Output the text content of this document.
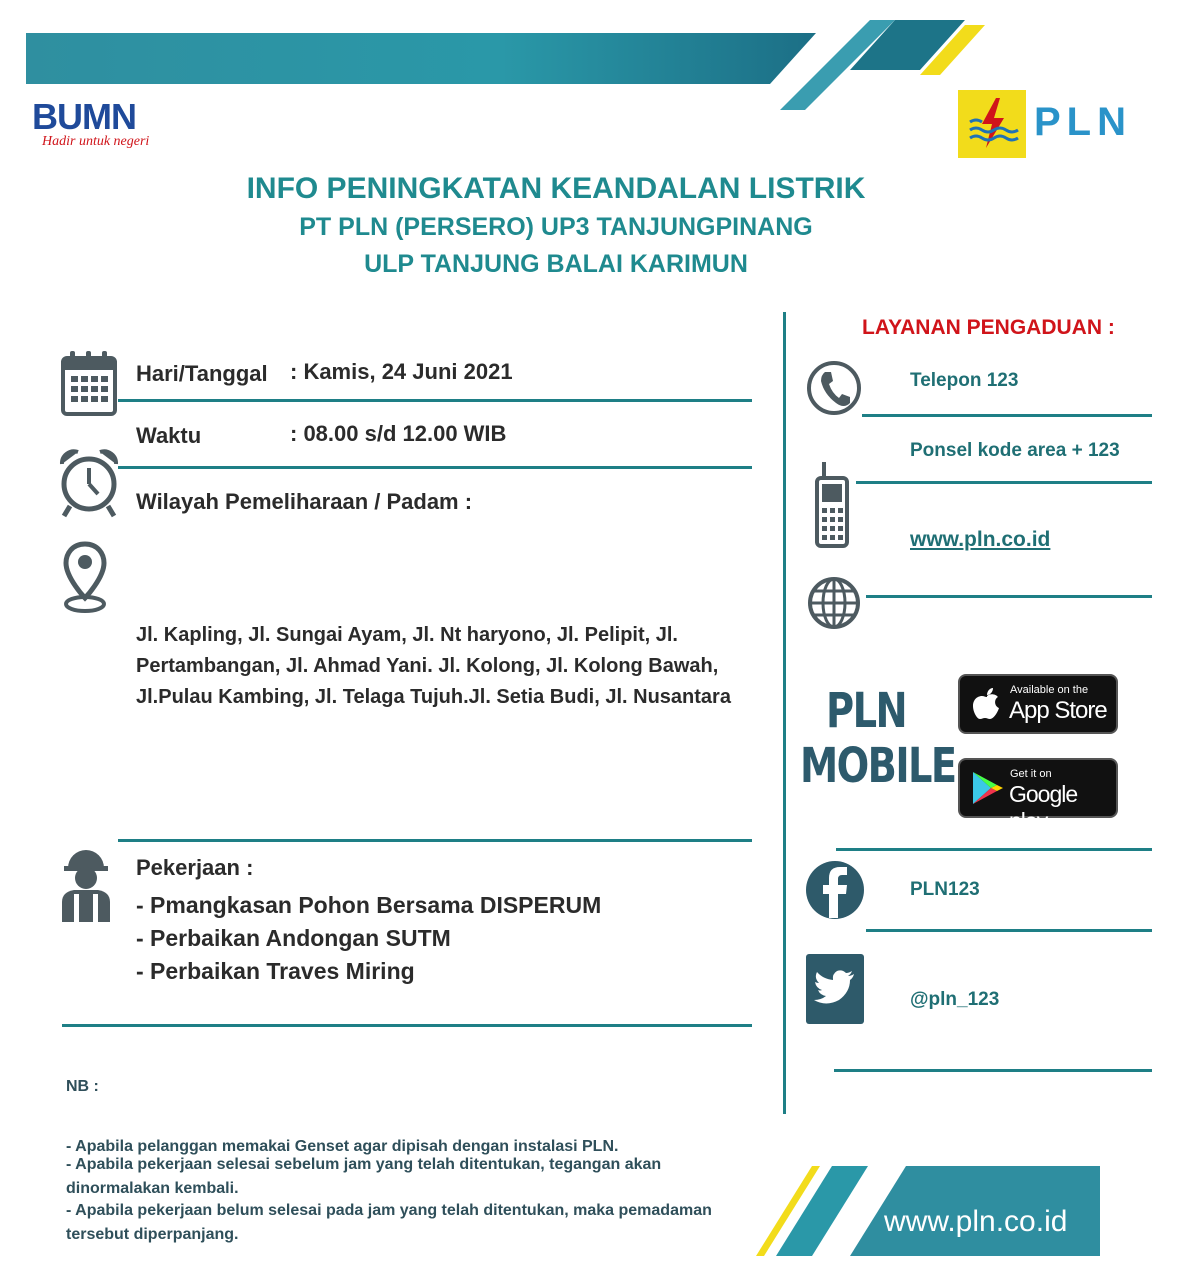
BUMN
Hadir untuk negeri	PLN
INFO PENINGKATAN KEANDALAN LISTRIK
PT PLN (PERSERO) UP3 TANJUNGPINANG
ULP TANJUNG BALAI KARIMUN
Hari/Tanggal : Kamis, 24 Juni 2021
Waktu	: 08.00 s/d 12.00 WIB
Wilayah Pemeliharaan / Padam :
Jl. Kapling, Jl. Sungai Ayam, Jl. Nt haryono, Jl. Pelipit, Jl.
Pertambangan, Jl. Ahmad Yani. Jl. Kolong, Jl. Kolong Bawah,
Jl.Pulau Kambing, Jl. Telaga Tujuh.Jl. Setia Budi, Jl. Nusantara
Pekerjaan :
- Pmangkasan Pohon Bersama DISPERUM
- Perbaikan Andongan SUTM
- Perbaikan Traves Miring
NB :
- Apabila pelanggan memakai Genset agar dipisah dengan instalasi PLN.
- Apabila pekerjaan selesai sebelum jam yang telah ditentukan, tegangan akan
dinormalakan kembali.
- Apabila pekerjaan belum selesai pada jam yang telah ditentukan, maka pemadaman
tersebut diperpanjang.
LAYANAN PENGADUAN :
Telepon 123
Ponsel kode area + 123
www.pln.co.id
PLN
MOBILE
Available on the
App Store
Get it on
Google play
PLN123
@pln_123
www.pln.co.id
